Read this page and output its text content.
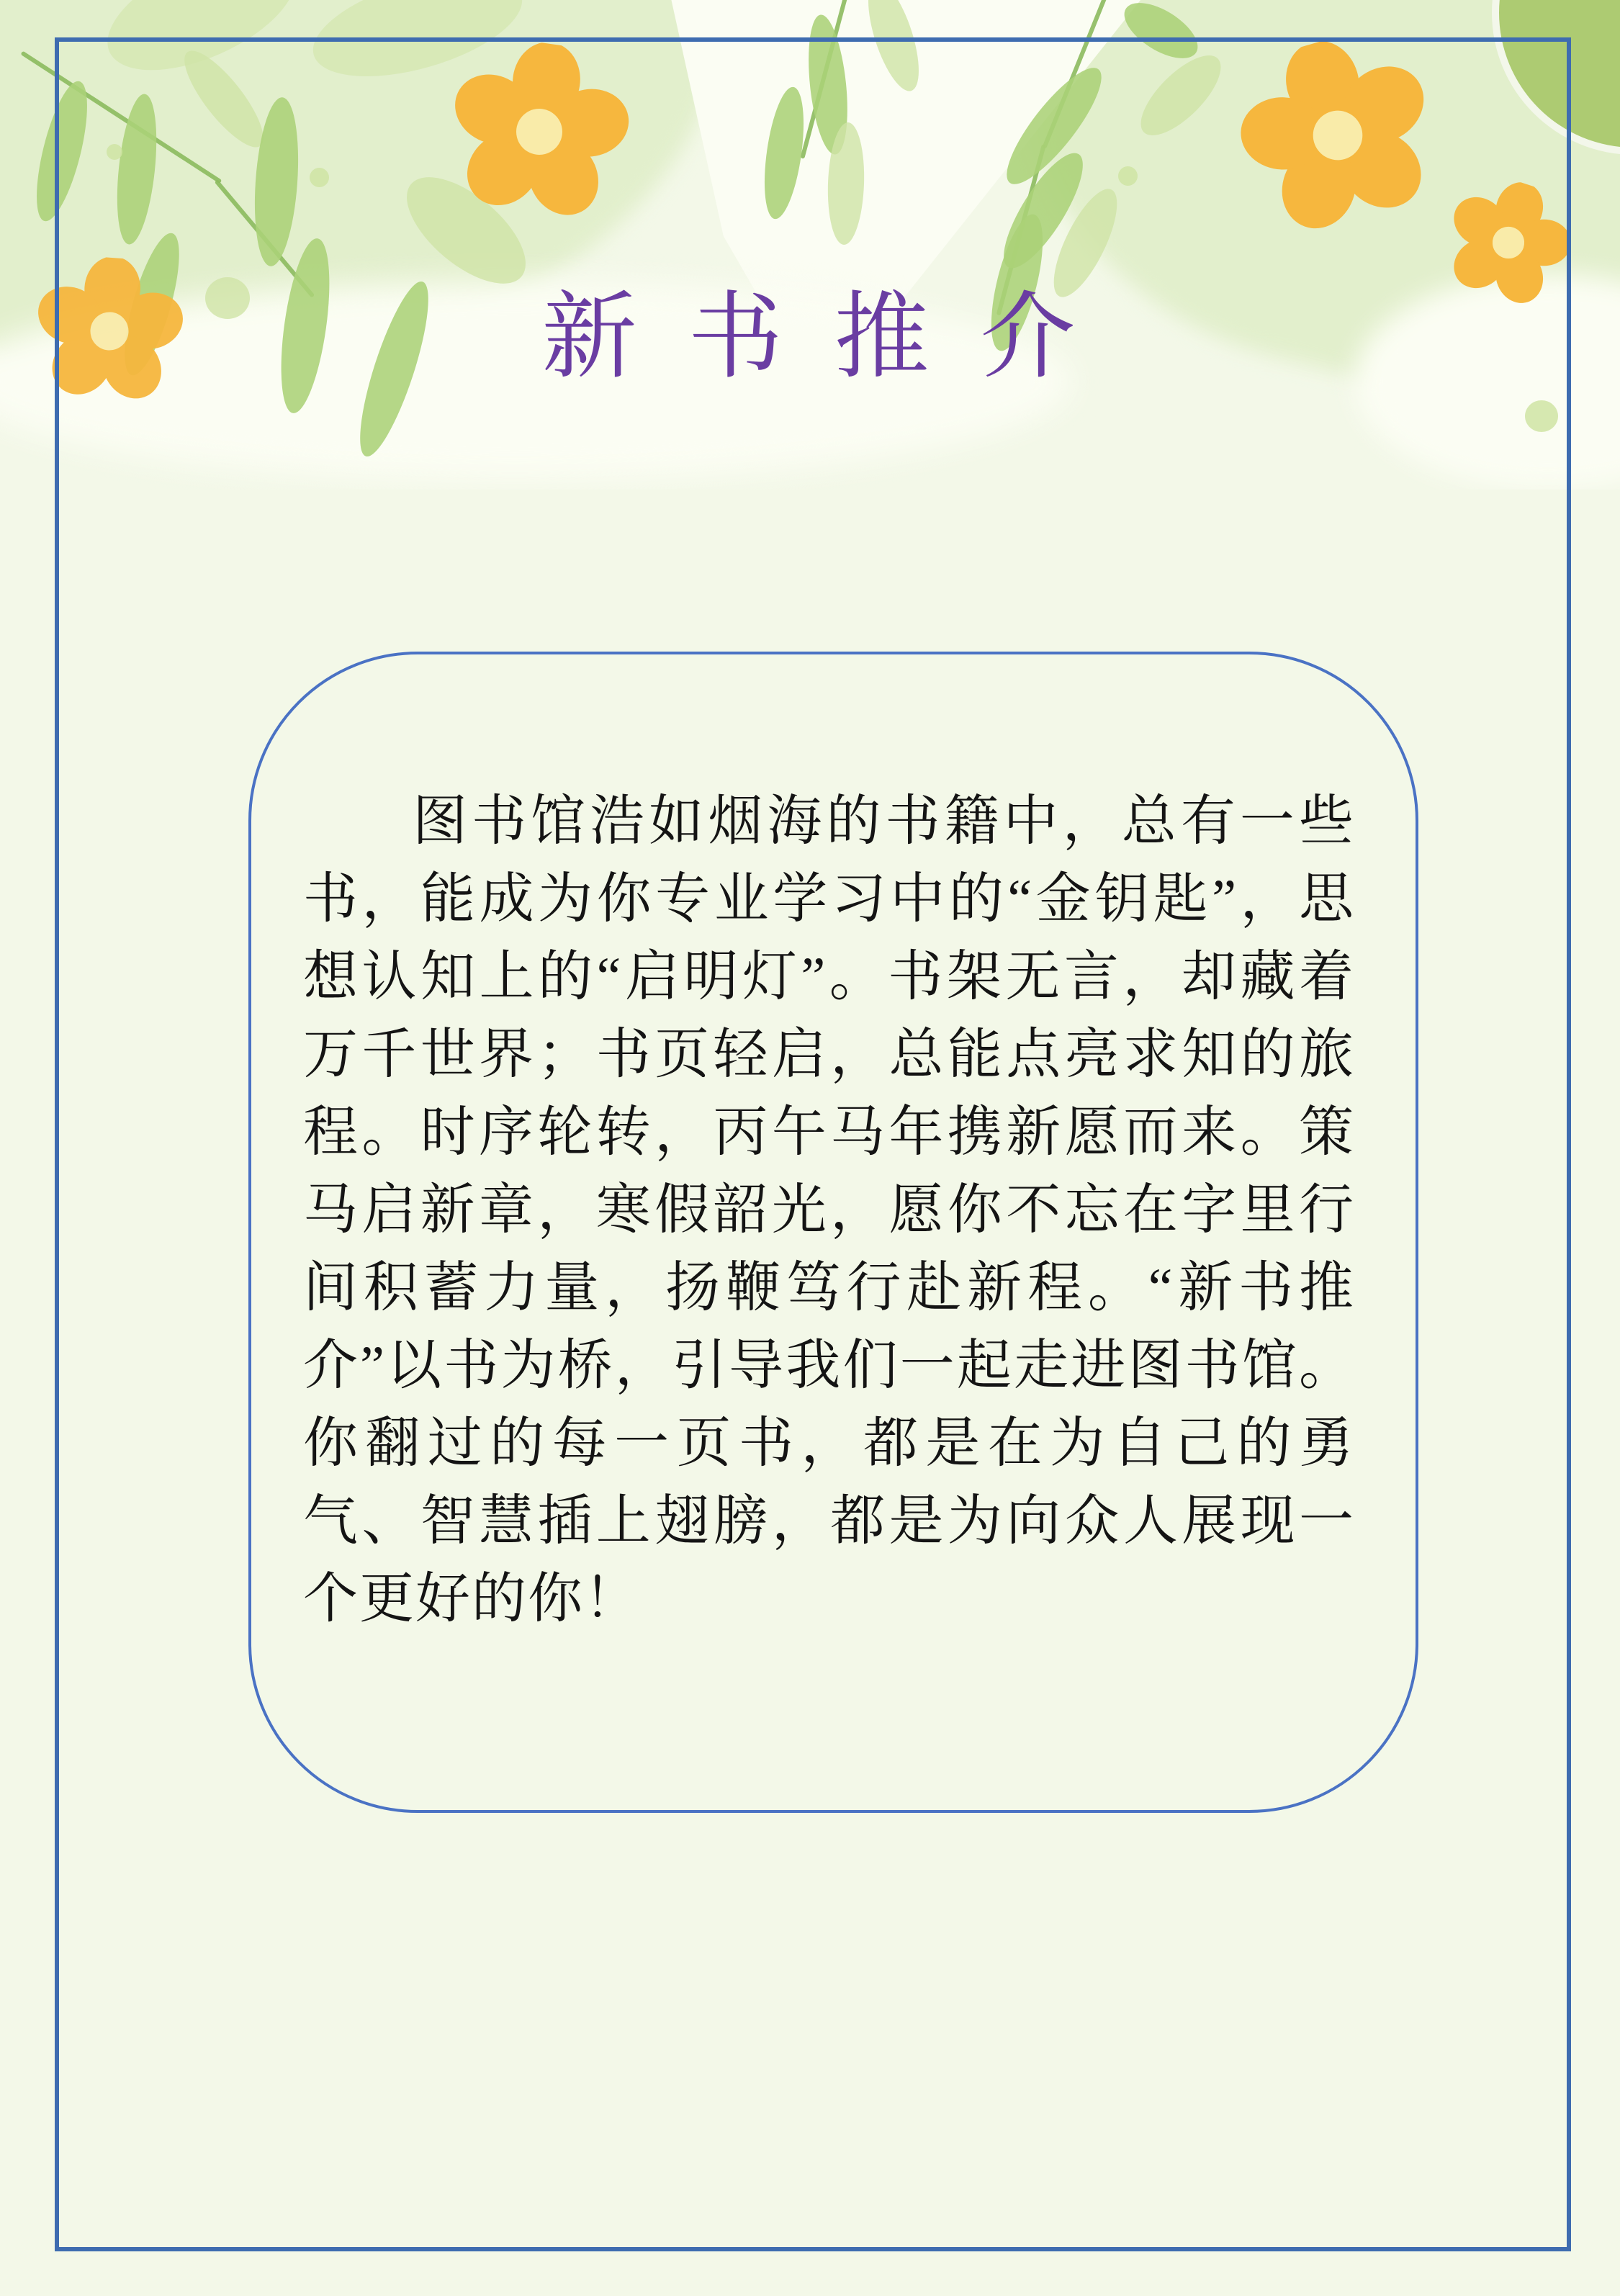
新 书 推 介
图书馆浩如烟海的书籍中，总有一些书，能成为你专业学习中的“金钥匙”，思想认知上的“启明灯”。书架无言，却藏着万千世界；书页轻启，总能点亮求知的旅程。时序轮转，丙午马年携新愿而来。策马启新章，寒假韶光，愿你不忘在字里行间积蓄力量，扬鞭笃行赴新程。“新书推介”以书为桥，引导我们一起走进图书馆。你翻过的每一页书，都是在为自己的勇气、智慧插上翅膀，都是为向众人展现一个更好的你！
